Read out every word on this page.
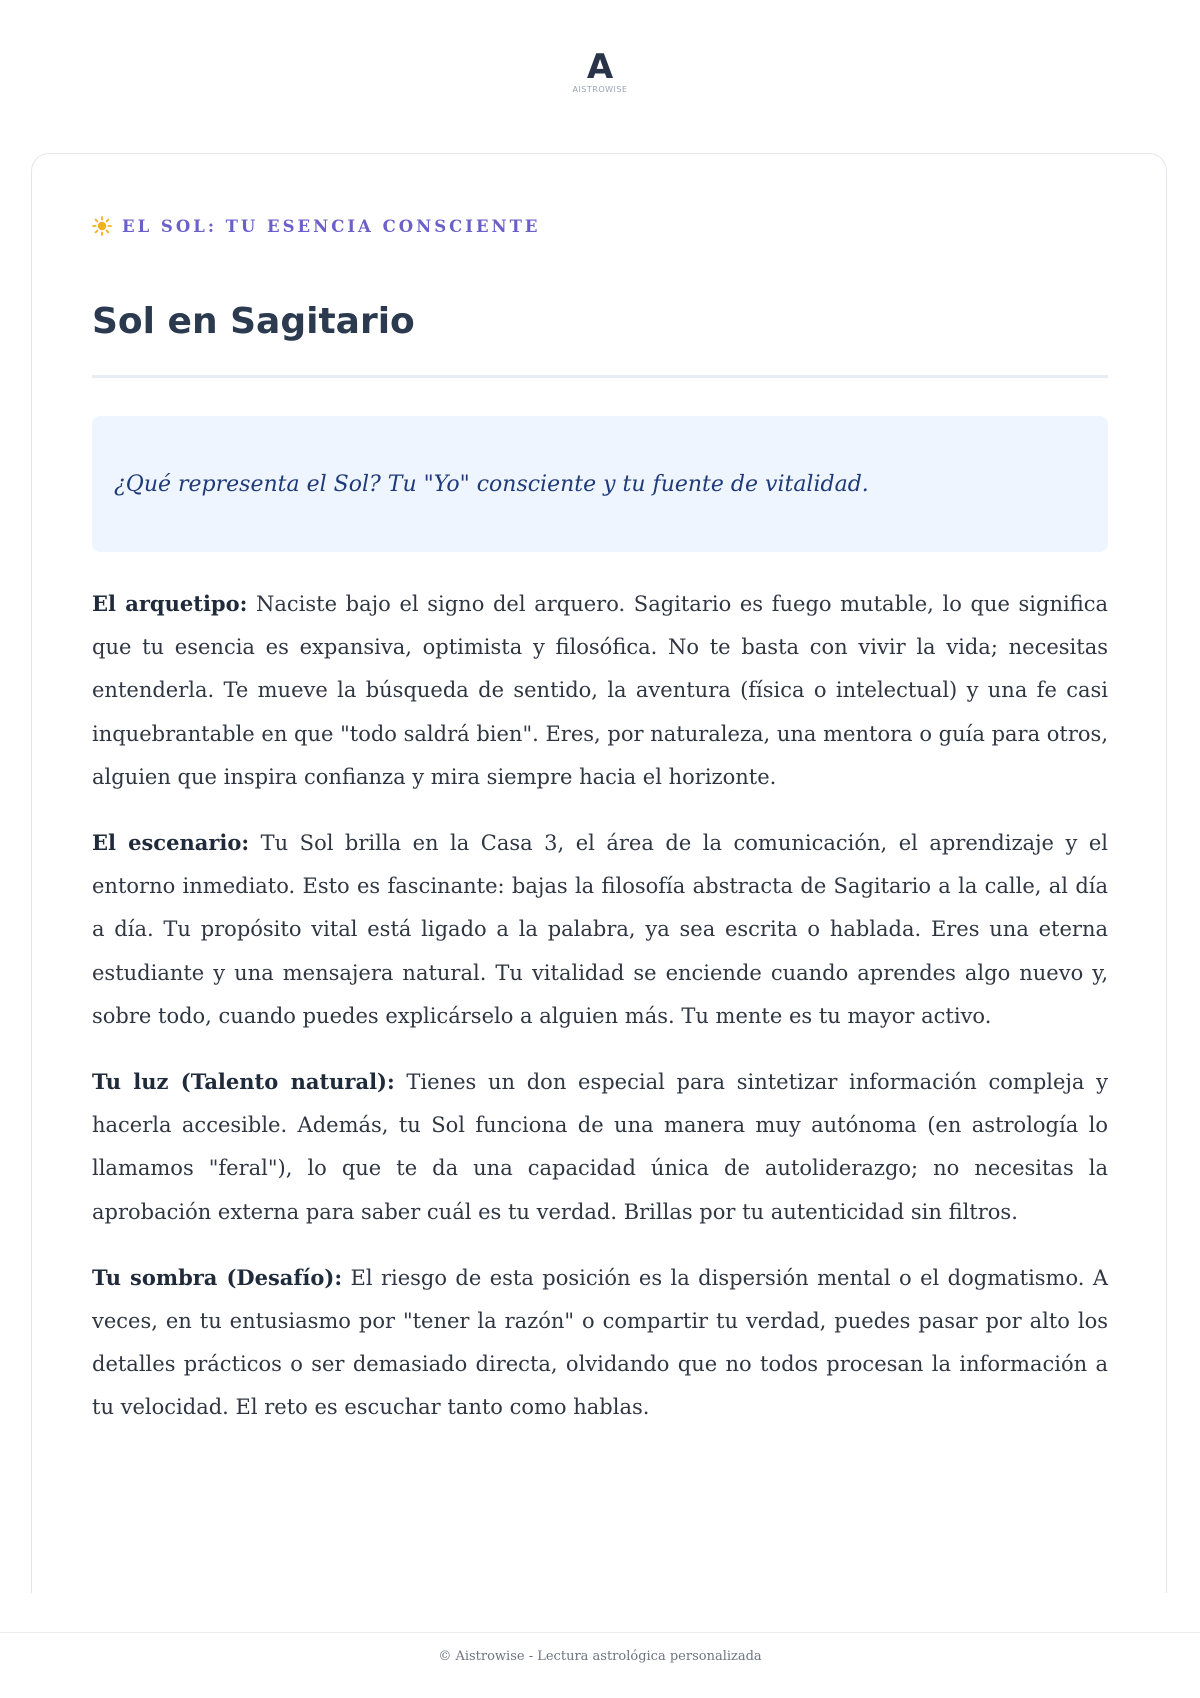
A
AISTROWISE
EL SOL: TU ESENCIA CONSCIENTE
Sol en Sagitario

¿Qué representa el Sol? Tu "Yo" consciente y tu fuente de vitalidad.

El arquetipo: Naciste bajo el signo del arquero. Sagitario es fuego mutable, lo que significa que tu esencia es expansiva, optimista y filosófica. No te basta con vivir la vida; necesitas entenderla. Te mueve la búsqueda de sentido, la aventura (física o intelectual) y una fe casi inquebrantable en que "todo saldrá bien". Eres, por naturaleza, una mentora o guía para otros, alguien que inspira confianza y mira siempre hacia el horizonte.

El escenario: Tu Sol brilla en la Casa 3, el área de la comunicación, el aprendizaje y el entorno inmediato. Esto es fascinante: bajas la filosofía abstracta de Sagitario a la calle, al día a día. Tu propósito vital está ligado a la palabra, ya sea escrita o hablada. Eres una eterna estudiante y una mensajera natural. Tu vitalidad se enciende cuando aprendes algo nuevo y, sobre todo, cuando puedes explicárselo a alguien más. Tu mente es tu mayor activo.

Tu luz (Talento natural): Tienes un don especial para sintetizar información compleja y hacerla accesible. Además, tu Sol funciona de una manera muy autónoma (en astrología lo llamamos "feral"), lo que te da una capacidad única de autoliderazgo; no necesitas la aprobación externa para saber cuál es tu verdad. Brillas por tu autenticidad sin filtros.

Tu sombra (Desafío): El riesgo de esta posición es la dispersión mental o el dogmatismo. A veces, en tu entusiasmo por "tener la razón" o compartir tu verdad, puedes pasar por alto los detalles prácticos o ser demasiado directa, olvidando que no todos procesan la información a tu velocidad. El reto es escuchar tanto como hablas.

© Aistrowise - Lectura astrológica personalizada
